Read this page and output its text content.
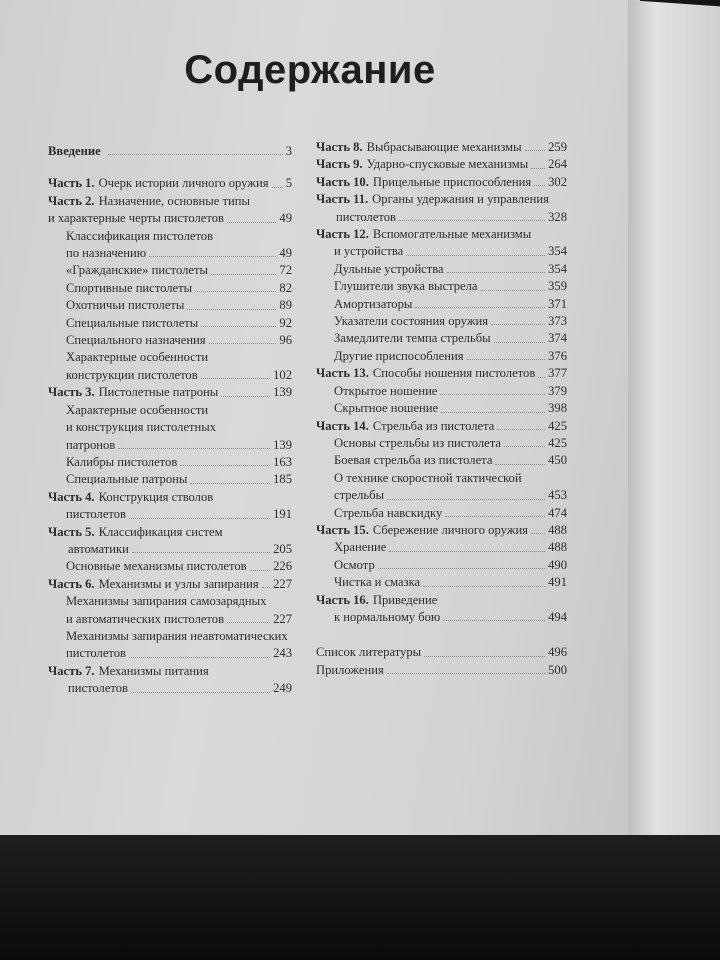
Содержание
Введение	3
Часть 1. Очерк истории личного оружия 5
Часть 2. Назначение, основные типы
и характерные черты пистолетов	49
Классификация пистолетов
по назначению	49
«Гражданские» пистолеты	72
Спортивные пистолеты	82
Охотничьи пистолеты	89
Специальные пистолеты	92
Специального назначения	96
Характерные особенности
конструкции пистолетов	102
Часть 3. Пистолетные патроны	139
Характерные особенности
и конструкция пистолетных
патронов	139
Калибры пистолетов	163
Специальные патроны	185
Часть 4. Конструкция стволов
пистолетов	191
Часть 5. Классификация систем
автоматики	205
Основные механизмы пистолетов 226
Часть 6. Механизмы и узлы запирания 227
Механизмы запирания самозарядных
и автоматических пистолетов	227
Механизмы запирания неавтоматических
пистолетов	243
Часть 7. Механизмы питания
пистолетов	249
Часть 8. Выбрасывающие механизмы 259
Часть 9. Ударно-спусковые механизмы 264
Часть 10. Прицельные приспособления 302
Часть 11. Органы удержания и управления
пистолетов	328
Часть 12. Вспомогательные механизмы
и устройства	354
Дульные устройства	354
Глушители звука выстрела	359
Амортизаторы	371
Указатели состояния оружия	373
Замедлители темпа стрельбы	374
Другие приспособления	376
Часть 13. Способы ношения пистолетов 377
Открытое ношение	379
Скрытное ношение	398
Часть 14. Стрельба из пистолета	425
Основы стрельбы из пистолета	425
Боевая стрельба из пистолета	450
О технике скоростной тактической
стрельбы	453
Стрельба навскидку	474
Часть 15. Сбережение личного оружия 488
Хранение	488
Осмотр	490
Чистка и смазка	491
Часть 16. Приведение
к нормальному бою	494
Список литературы	496
Приложения	500
